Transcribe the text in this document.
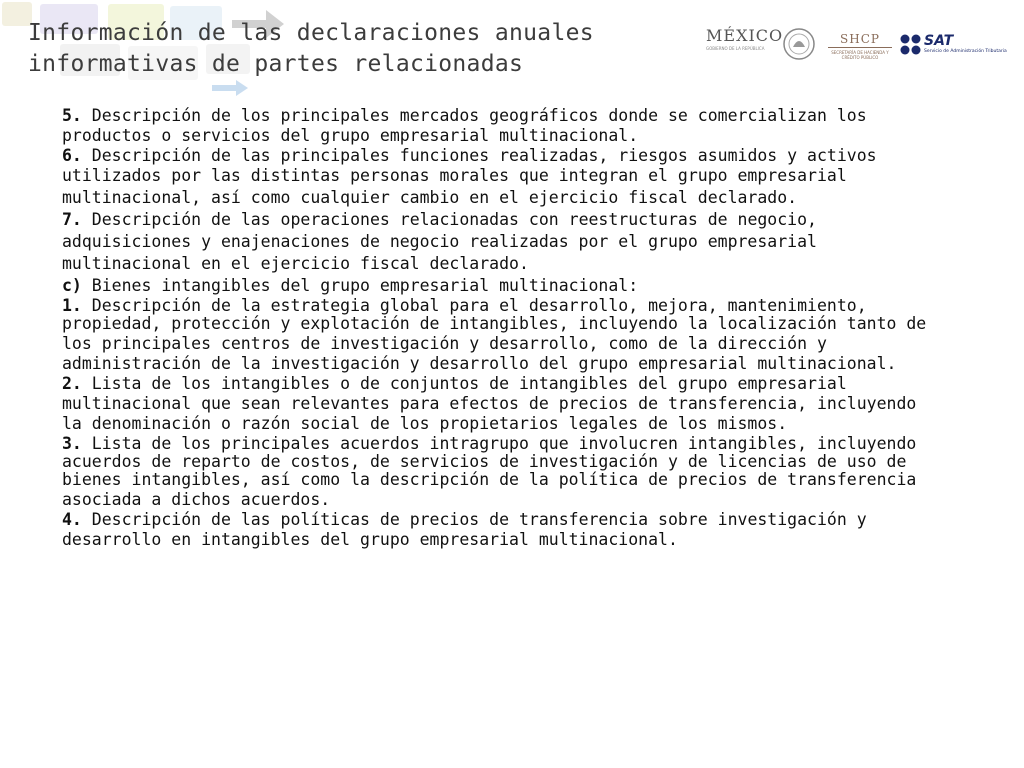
Información de las declaraciones anuales
informativas de partes relacionadas
MÉXICO
GOBIERNO DE LA REPÚBLICA
SHCP
SECRETARÍA DE HACIENDA Y CRÉDITO PÚBLICO
SAT
Servicio de Administración Tributaria
5. Descripción de los principales mercados geográficos donde se comercializan los
productos o servicios del grupo empresarial multinacional.
6. Descripción de las principales funciones realizadas, riesgos asumidos y activos
utilizados por las distintas personas morales que integran el grupo empresarial
multinacional, así como cualquier cambio en el ejercicio fiscal declarado.
7. Descripción de las operaciones relacionadas con reestructuras de negocio,
adquisiciones y enajenaciones de negocio realizadas por el grupo empresarial
multinacional en el ejercicio fiscal declarado.
c) Bienes intangibles del grupo empresarial multinacional:
1. Descripción de la estrategia global para el desarrollo, mejora, mantenimiento,
propiedad, protección y explotación de intangibles, incluyendo la localización tanto de
los principales centros de investigación y desarrollo, como de la dirección y
administración de la investigación y desarrollo del grupo empresarial multinacional.
2. Lista de los intangibles o de conjuntos de intangibles del grupo empresarial
multinacional que sean relevantes para efectos de precios de transferencia, incluyendo
la denominación o razón social de los propietarios legales de los mismos.
3. Lista de los principales acuerdos intragrupo que involucren intangibles, incluyendo
acuerdos de reparto de costos, de servicios de investigación y de licencias de uso de
bienes intangibles, así como la descripción de la política de precios de transferencia
asociada a dichos acuerdos.
4. Descripción de las políticas de precios de transferencia sobre investigación y
desarrollo en intangibles del grupo empresarial multinacional.
